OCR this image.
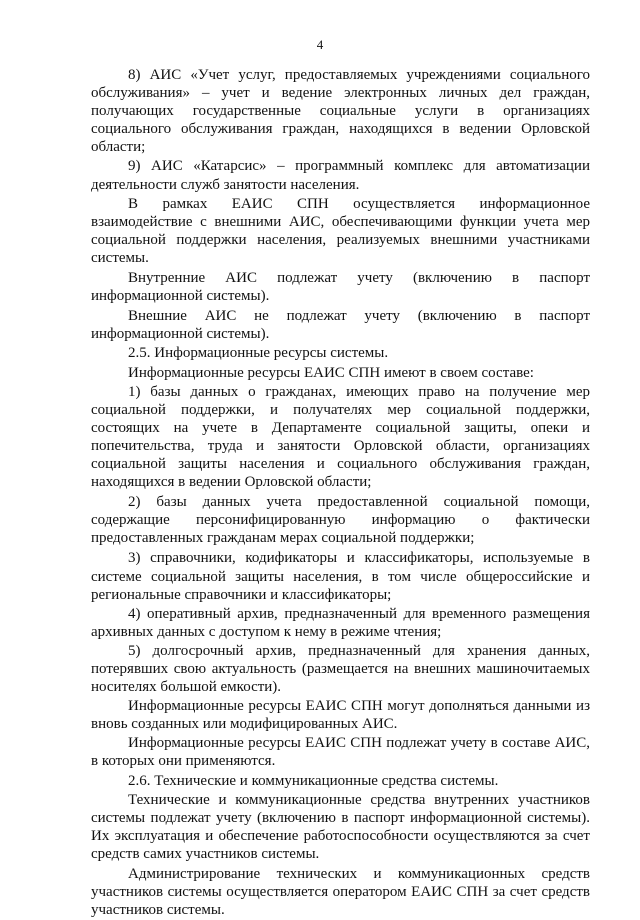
4

8) АИС «Учет услуг, предоставляемых учреждениями социального обслуживания» – учет и ведение электронных личных дел граждан, получающих государственные социальные услуги в организациях социального обслуживания граждан, находящихся в ведении Орловской области;

9) АИС «Катарсис» – программный комплекс для автоматизации деятельности служб занятости населения.

В рамках ЕАИС СПН осуществляется информационное взаимодействие с внешними АИС, обеспечивающими функции учета мер социальной поддержки населения, реализуемых внешними участниками системы.

Внутренние АИС подлежат учету (включению в паспорт информационной системы).

Внешние АИС не подлежат учету (включению в паспорт информационной системы).

2.5. Информационные ресурсы системы.

Информационные ресурсы ЕАИС СПН имеют в своем составе:

1) базы данных о гражданах, имеющих право на получение мер социальной поддержки, и получателях мер социальной поддержки, состоящих на учете в Департаменте социальной защиты, опеки и попечительства, труда и занятости Орловской области, организациях социальной защиты населения и социального обслуживания граждан, находящихся в ведении Орловской области;

2) базы данных учета предоставленной социальной помощи, содержащие персонифицированную информацию о фактически предоставленных гражданам мерах социальной поддержки;

3) справочники, кодификаторы и классификаторы, используемые в системе социальной защиты населения, в том числе общероссийские и региональные справочники и классификаторы;

4) оперативный архив, предназначенный для временного размещения архивных данных с доступом к нему в режиме чтения;

5) долгосрочный архив, предназначенный для хранения данных, потерявших свою актуальность (размещается на внешних машиночитаемых носителях большой емкости).

Информационные ресурсы ЕАИС СПН могут дополняться данными из вновь созданных или модифицированных АИС.

Информационные ресурсы ЕАИС СПН подлежат учету в составе АИС, в которых они применяются.

2.6. Технические и коммуникационные средства системы.

Технические и коммуникационные средства внутренних участников системы подлежат учету (включению в паспорт информационной системы). Их эксплуатация и обеспечение работоспособности осуществляются за счет средств самих участников системы.

Администрирование технических и коммуникационных средств участников системы осуществляется оператором ЕАИС СПН за счет средств участников системы.
